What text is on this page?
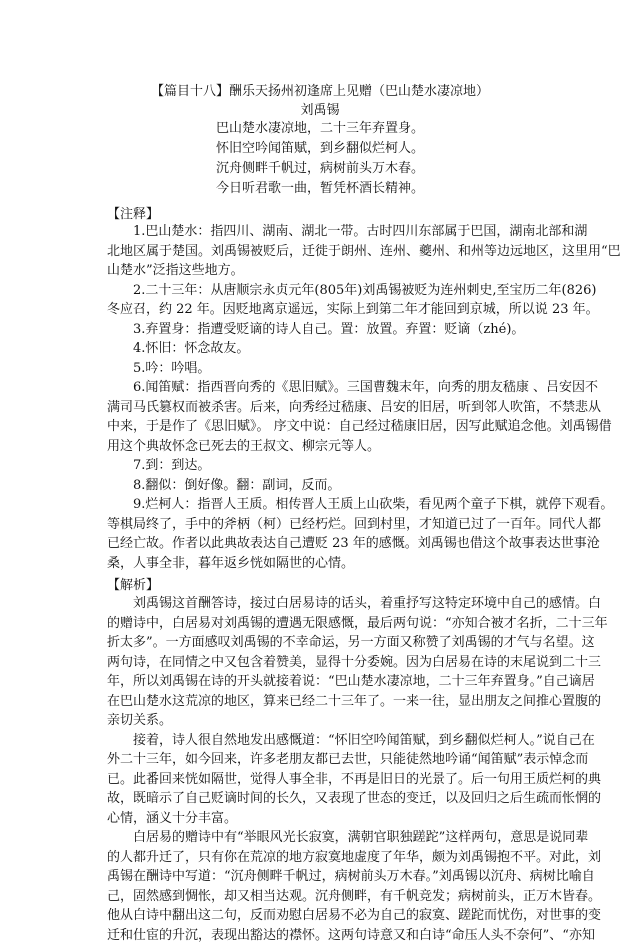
【篇目十八】酬乐天扬州初逢席上见赠（巴山楚水凄凉地）
刘禹锡
巴山楚水凄凉地，二十三年弃置身。
怀旧空吟闻笛赋，到乡翻似烂柯人。
沉舟侧畔千帆过，病树前头万木春。
今日听君歌一曲，暂凭杯酒长精神。
【注释】
1.巴山楚水：指四川、湖南、湖北一带。古时四川东部属于巴国，湖南北部和湖
北地区属于楚国。刘禹锡被贬后，迁徙于朗州、连州、夔州、和州等边远地区，这里用“巴
山楚水”泛指这些地方。
2.二十三年：从唐顺宗永贞元年(805年)刘禹锡被贬为连州刺史,至宝历二年(826)
冬应召，约 22 年。因贬地离京遥远，实际上到第二年才能回到京城，所以说 23 年。
3.弃置身：指遭受贬谪的诗人自己。置：放置。弃置：贬谪（zhé)。
4.怀旧：怀念故友。
5.吟：吟唱。
6.闻笛赋：指西晋向秀的《思旧赋》。三国曹魏末年，向秀的朋友嵇康 、吕安因不
满司马氏篡权而被杀害。后来，向秀经过嵇康、吕安的旧居，听到邻人吹笛，不禁悲从
中来，于是作了《思旧赋》。 序文中说：自己经过嵇康旧居，因写此赋追念他。刘禹锡借
用这个典故怀念已死去的王叔文、柳宗元等人。
7.到：到达。
8.翻似：倒好像。翻：副词，反而。
9.烂柯人：指晋人王质。相传晋人王质上山砍柴，看见两个童子下棋，就停下观看。
等棋局终了，手中的斧柄（柯）已经朽烂。回到村里，才知道已过了一百年。同代人都
已经亡故。作者以此典故表达自己遭贬 23 年的感慨。刘禹锡也借这个故事表达世事沧
桑，人事全非，暮年返乡恍如隔世的心情。
【解析】
刘禹锡这首酬答诗，接过白居易诗的话头，着重抒写这特定环境中自己的感情。白
的赠诗中，白居易对刘禹锡的遭遇无限感慨，最后两句说：“亦知合被才名折，二十三年
折太多”。一方面感叹刘禹锡的不幸命运，另一方面又称赞了刘禹锡的才气与名望。这
两句诗，在同情之中又包含着赞美，显得十分委婉。因为白居易在诗的末尾说到二十三
年，所以刘禹锡在诗的开头就接着说：“巴山楚水凄凉地，二十三年弃置身。”自己谪居
在巴山楚水这荒凉的地区，算来已经二十三年了。一来一往，显出朋友之间推心置腹的
亲切关系。
接着，诗人很自然地发出感慨道：“怀旧空吟闻笛赋，到乡翻似烂柯人。”说自己在
外二十三年，如今回来，许多老朋友都已去世，只能徒然地吟诵“闻笛赋”表示悼念而
已。此番回来恍如隔世，觉得人事全非，不再是旧日的光景了。后一句用王质烂柯的典
故，既暗示了自己贬谪时间的长久，又表现了世态的变迁，以及回归之后生疏而怅惘的
心情，涵义十分丰富。
白居易的赠诗中有“举眼风光长寂寞，满朝官职独蹉跎”这样两句，意思是说同辈
的人都升迁了，只有你在荒凉的地方寂寞地虚度了年华，颇为刘禹锡抱不平。对此，刘
禹锡在酬诗中写道：“沉舟侧畔千帆过，病树前头万木春。”刘禹锡以沉舟、病树比喻自
己，固然感到惆怅，却又相当达观。沉舟侧畔，有千帆竞发；病树前头，正万木皆春。
他从白诗中翻出这二句，反而劝慰白居易不必为自己的寂寞、蹉跎而忧伤，对世事的变
迁和仕宦的升沉，表现出豁达的襟怀。这两句诗意又和白诗“命压人头不奈何”、“亦知
